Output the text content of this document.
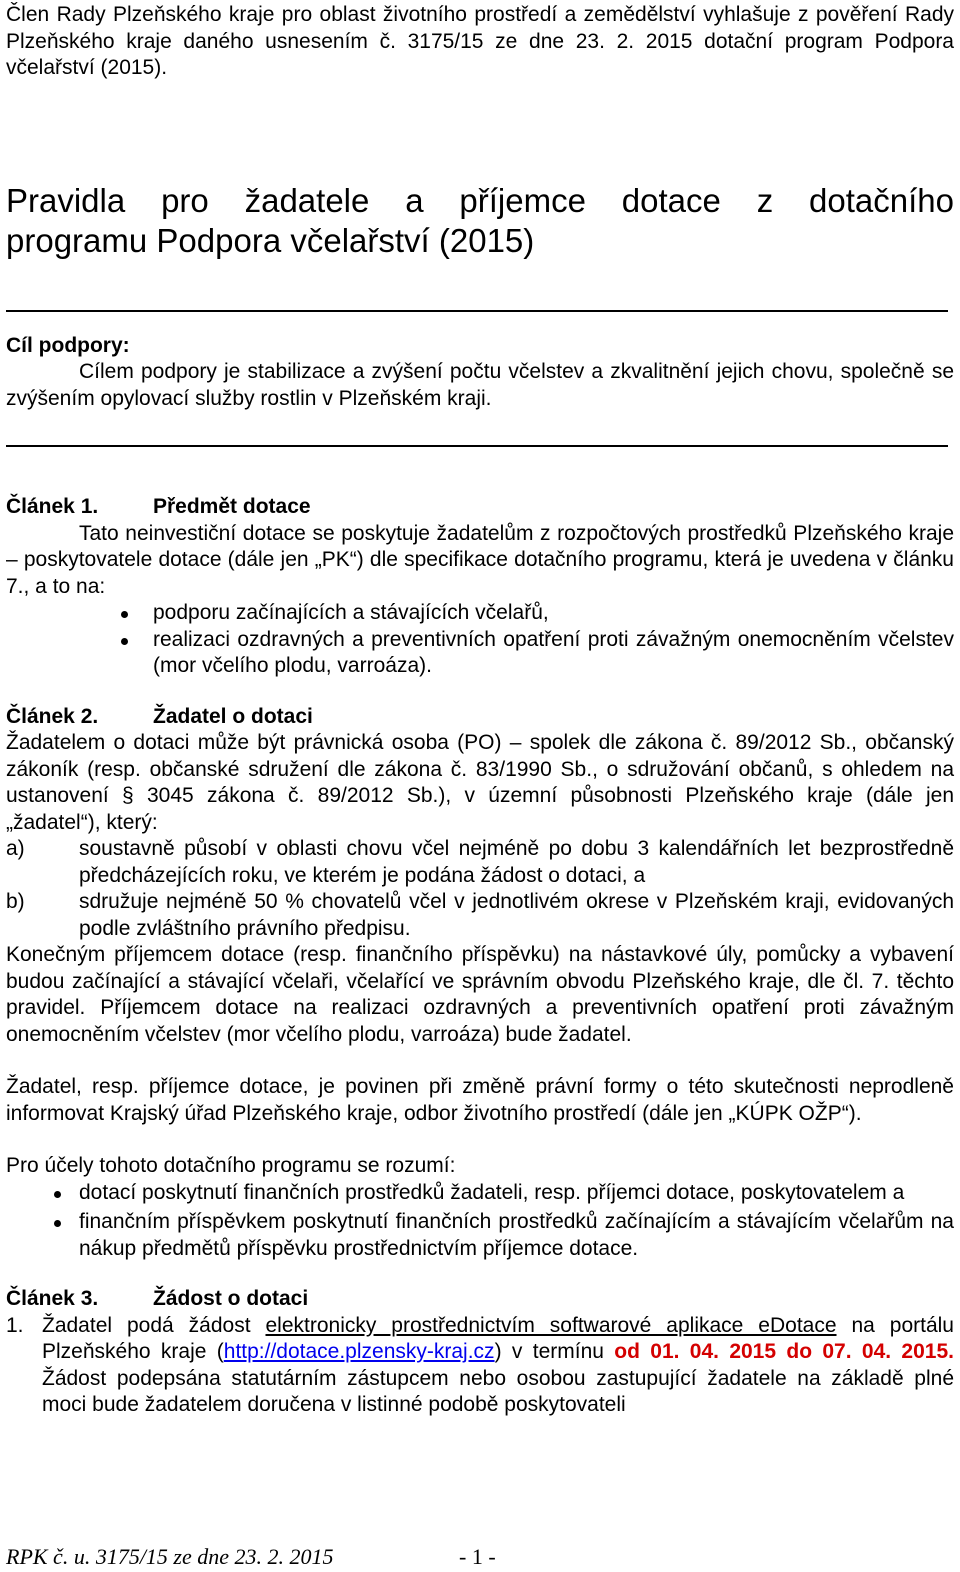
Člen Rady Plzeňského kraje pro oblast životního prostředí a zemědělství vyhlašuje z pověření Rady Plzeňského kraje daného usnesením č. 3175/15 ze dne 23. 2. 2015 dotační program Podpora včelařství (2015).

Pravidla pro žadatele a příjemce dotace z dotačního
programu Podpora včelařství (2015)
Cíl podpory:

Cílem podpory je stabilizace a zvýšení počtu včelstev a zkvalitnění jejich chovu, společně se zvýšením opylovací služby rostlin v Plzeňském kraji.

Článek 1.	Předmět dotace

Tato neinvestiční dotace se poskytuje žadatelům z rozpočtových prostředků Plzeňského kraje – poskytovatele dotace (dále jen „PK“) dle specifikace dotačního programu, která je uvedena v článku 7., a to na:

podporu začínajících a stávajících včelařů,
realizaci ozdravných a preventivních opatření proti závažným onemocněním včelstev (mor včelího plodu, varroáza).
Článek 2.	Žadatel o dotaci

Žadatelem o dotaci může být právnická osoba (PO) – spolek dle zákona č. 89/2012 Sb., občanský zákoník (resp. občanské sdružení dle zákona č. 83/1990 Sb., o sdružování občanů, s ohledem na ustanovení § 3045 zákona č. 89/2012 Sb.), v územní působnosti Plzeňského kraje (dále jen „žadatel“), který:

a)	soustavně působí v oblasti chovu včel nejméně po dobu 3 kalendářních let bezprostředně předcházejících roku, ve kterém je podána žádost o dotaci, a
b)	sdružuje nejméně 50 % chovatelů včel v jednotlivém okrese v Plzeňském kraji, evidovaných podle zvláštního právního předpisu.

Konečným příjemcem dotace (resp. finančního příspěvku) na nástavkové úly, pomůcky a vybavení budou začínající a stávající včelaři, včelařící ve správním obvodu Plzeňského kraje, dle čl. 7. těchto pravidel. Příjemcem dotace na realizaci ozdravných a preventivních opatření proti závažným onemocněním včelstev (mor včelího plodu, varroáza) bude žadatel.

Žadatel, resp. příjemce dotace, je povinen při změně právní formy o této skutečnosti neprodleně informovat Krajský úřad Plzeňského kraje, odbor životního prostředí (dále jen „KÚPK OŽP“).

Pro účely tohoto dotačního programu se rozumí:

dotací poskytnutí finančních prostředků žadateli, resp. příjemci dotace, poskytovatelem a
finančním příspěvkem poskytnutí finančních prostředků začínajícím a stávajícím včelařům na nákup předmětů příspěvku prostřednictvím příjemce dotace.
Článek 3.	Žádost o dotaci
1. Žadatel podá žádost elektronicky prostřednictvím softwarové aplikace eDotace na portálu Plzeňského kraje (http://dotace.plzensky-kraj.cz) v termínu od 01. 04. 2015 do 07. 04. 2015. Žádost podepsána statutárním zástupcem nebo osobou zastupující žadatele na základě plné moci bude žadatelem doručena v listinné podobě poskytovateli
RPK č. u. 3175/15 ze dne 23. 2. 2015	- 1 -
